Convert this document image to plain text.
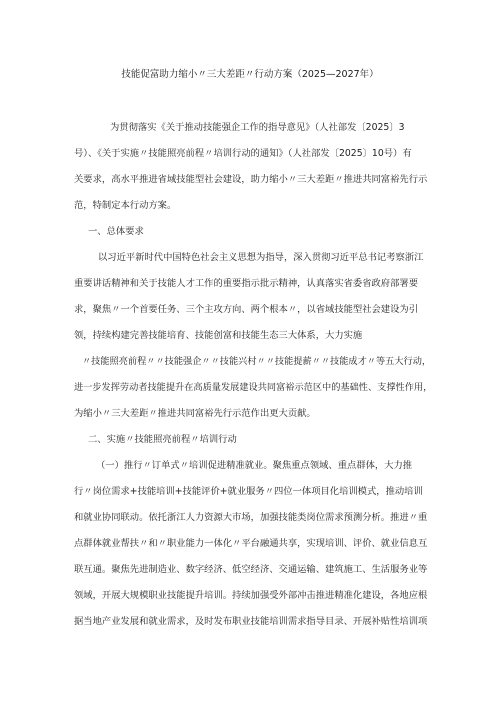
技能促富助力缩小〃三大差距〃行动方案（2025—2027年）
为贯彻落实《关于推动技能强企工作的指导意见》（人社部发〔2025〕3
号）、《关于实施〃技能照亮前程〃培训行动的通知》（人社部发〔2025〕10号）有
关要求，高水平推进省域技能型社会建设，助力缩小〃三大差距〃推进共同富裕先行示
范，特制定本行动方案。
一、总体要求
以习近平新时代中国特色社会主义思想为指导，深入贯彻习近平总书记考察浙江
重要讲话精神和关于技能人才工作的重要指示批示精神，认真落实省委省政府部署要
求，聚焦〃一个首要任务、三个主攻方向、两个根本〃，以省域技能型社会建设为引
领，持续构建完善技能培育、技能创富和技能生态三大体系，大力实施
〃技能照亮前程〃〃技能强企〃〃技能兴村〃〃技能提薪〃〃技能成才〃等五大行动，
进一步发挥劳动者技能提升在高质量发展建设共同富裕示范区中的基础性、支撑性作用，
为缩小〃三大差距〃推进共同富裕先行示范作出更大贡献。
二、实施〃技能照亮前程〃培训行动
（一）推行〃订单式〃培训促进精准就业。聚焦重点领域、重点群体，大力推
行〃岗位需求+技能培训+技能评价+就业服务〃四位一体项目化培训模式，推动培训
和就业协同联动。依托浙江人力资源大市场，加强技能类岗位需求预测分析。推进〃重
点群体就业帮扶〃和〃职业能力一体化〃平台融通共享，实现培训、评价、就业信息互
联互通。聚焦先进制造业、数字经济、低空经济、交通运输、建筑施工、生活服务业等
领域，开展大规模职业技能提升培训。持续加强受外部冲击推进精准化建设，各地应根
据当地产业发展和就业需求，及时发布职业技能培训需求指导目录、开展补贴性培训项
